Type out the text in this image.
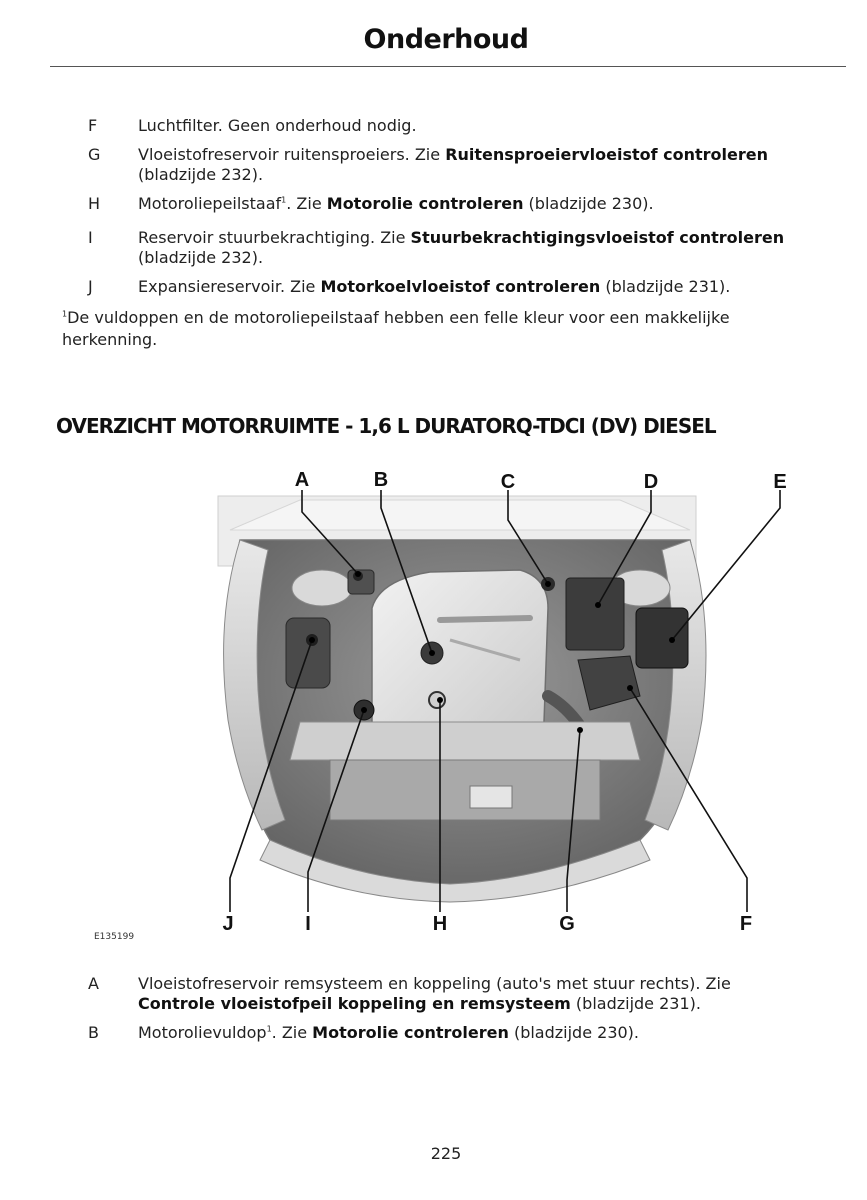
Onderhoud
F	Luchtfilter. Geen onderhoud nodig.
G	Vloeistofreservoir ruitensproeiers. Zie Ruitensproeiervloeistof controleren
(bladzijde 232).
H	Motoroliepeilstaaf$^1$. Zie Motorolie controleren (bladzijde 230).
I	Reservoir stuurbekrachtiging. Zie Stuurbekrachtigingsvloeistof controleren
(bladzijde 232).
J	Expansiereservoir. Zie Motorkoelvloeistof controleren (bladzijde 231).
$^1$De vuldoppen en de motoroliepeilstaaf hebben een felle kleur voor een makkelijke herkenning.
OVERZICHT MOTORRUIMTE - 1,6 L DURATORQ-TDCI (DV) DIESEL
A	B	C	D	E
J	I	H	G	F
E135199
A	Vloeistofreservoir remsysteem en koppeling (auto's met stuur rechts). Zie
Controle vloeistofpeil koppeling en remsysteem (bladzijde 231).
B	Motorolievuldop$^1$. Zie Motorolie controleren (bladzijde 230).
225
